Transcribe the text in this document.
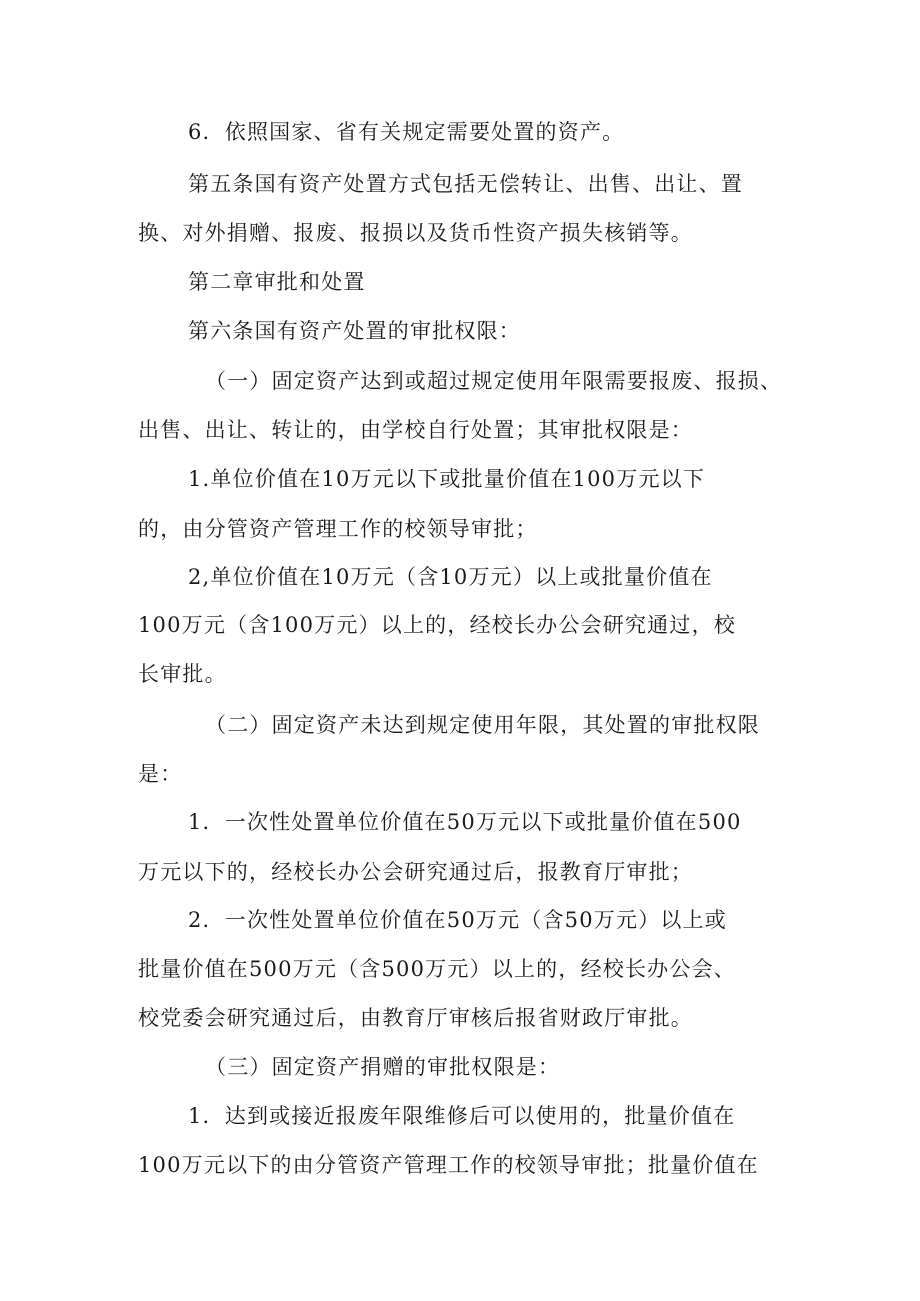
6．依照国家、省有关规定需要处置的资产。
第五条国有资产处置方式包括无偿转让、出售、出让、置
换、对外捐赠、报废、报损以及货币性资产损失核销等。
第二章审批和处置
第六条国有资产处置的审批权限：
（一）固定资产达到或超过规定使用年限需要报废、报损、
出售、出让、转让的，由学校自行处置；其审批权限是：
1.单位价值在10万元以下或批量价值在100万元以下
的，由分管资产管理工作的校领导审批；
2,单位价值在10万元（含10万元）以上或批量价值在
100万元（含100万元）以上的，经校长办公会研究通过，校
长审批。
（二）固定资产未达到规定使用年限，其处置的审批权限
是：
1．一次性处置单位价值在50万元以下或批量价值在500
万元以下的，经校长办公会研究通过后，报教育厅审批；
2．一次性处置单位价值在50万元（含50万元）以上或
批量价值在500万元（含500万元）以上的，经校长办公会、
校党委会研究通过后，由教育厅审核后报省财政厅审批。
（三）固定资产捐赠的审批权限是：
1．达到或接近报废年限维修后可以使用的，批量价值在
100万元以下的由分管资产管理工作的校领导审批；批量价值在
